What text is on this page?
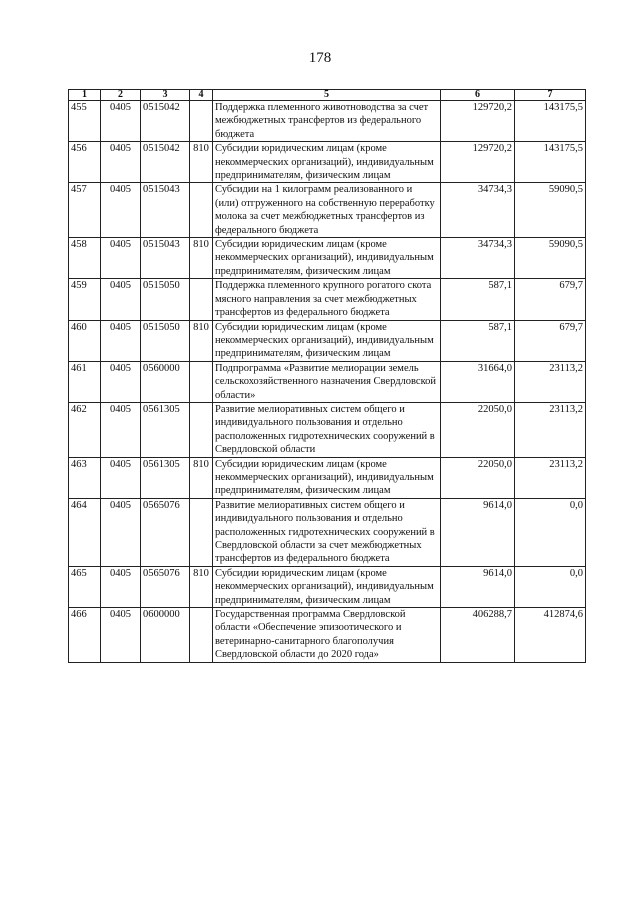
178
1	2	3	4	5	6	7
455	0405	0515042		Поддержка племенного животноводства за счет межбюджетных трансфертов из федерального бюджета	129720,2	143175,5
456	0405	0515042	810	Субсидии юридическим лицам (кроме некоммерческих организаций), индивидуальным предпринимателям, физическим лицам	129720,2	143175,5
457	0405	0515043		Субсидии на 1 килограмм реализованного и (или) отгруженного на собственную переработку молока за счет межбюджетных трансфертов из федерального бюджета	34734,3	59090,5
458	0405	0515043	810	Субсидии юридическим лицам (кроме некоммерческих организаций), индивидуальным предпринимателям, физическим лицам	34734,3	59090,5
459	0405	0515050		Поддержка племенного крупного рогатого скота мясного направления за счет межбюджетных трансфертов из федерального бюджета	587,1	679,7
460	0405	0515050	810	Субсидии юридическим лицам (кроме некоммерческих организаций), индивидуальным предпринимателям, физическим лицам	587,1	679,7
461	0405	0560000		Подпрограмма «Развитие мелиорации земель сельскохозяйственного назначения Свердловской области»	31664,0	23113,2
462	0405	0561305		Развитие мелиоративных систем общего и индивидуального пользования и отдельно расположенных гидротехнических сооружений в Свердловской области	22050,0	23113,2
463	0405	0561305	810	Субсидии юридическим лицам (кроме некоммерческих организаций), индивидуальным предпринимателям, физическим лицам	22050,0	23113,2
464	0405	0565076		Развитие мелиоративных систем общего и индивидуального пользования и отдельно расположенных гидротехнических сооружений в Свердловской области за счет межбюджетных трансфертов из федерального бюджета	9614,0	0,0
465	0405	0565076	810	Субсидии юридическим лицам (кроме некоммерческих организаций), индивидуальным предпринимателям, физическим лицам	9614,0	0,0
466	0405	0600000		Государственная программа Свердловской области «Обеспечение эпизоотического и ветеринарно-санитарного благополучия Свердловской области до 2020 года»	406288,7	412874,6
